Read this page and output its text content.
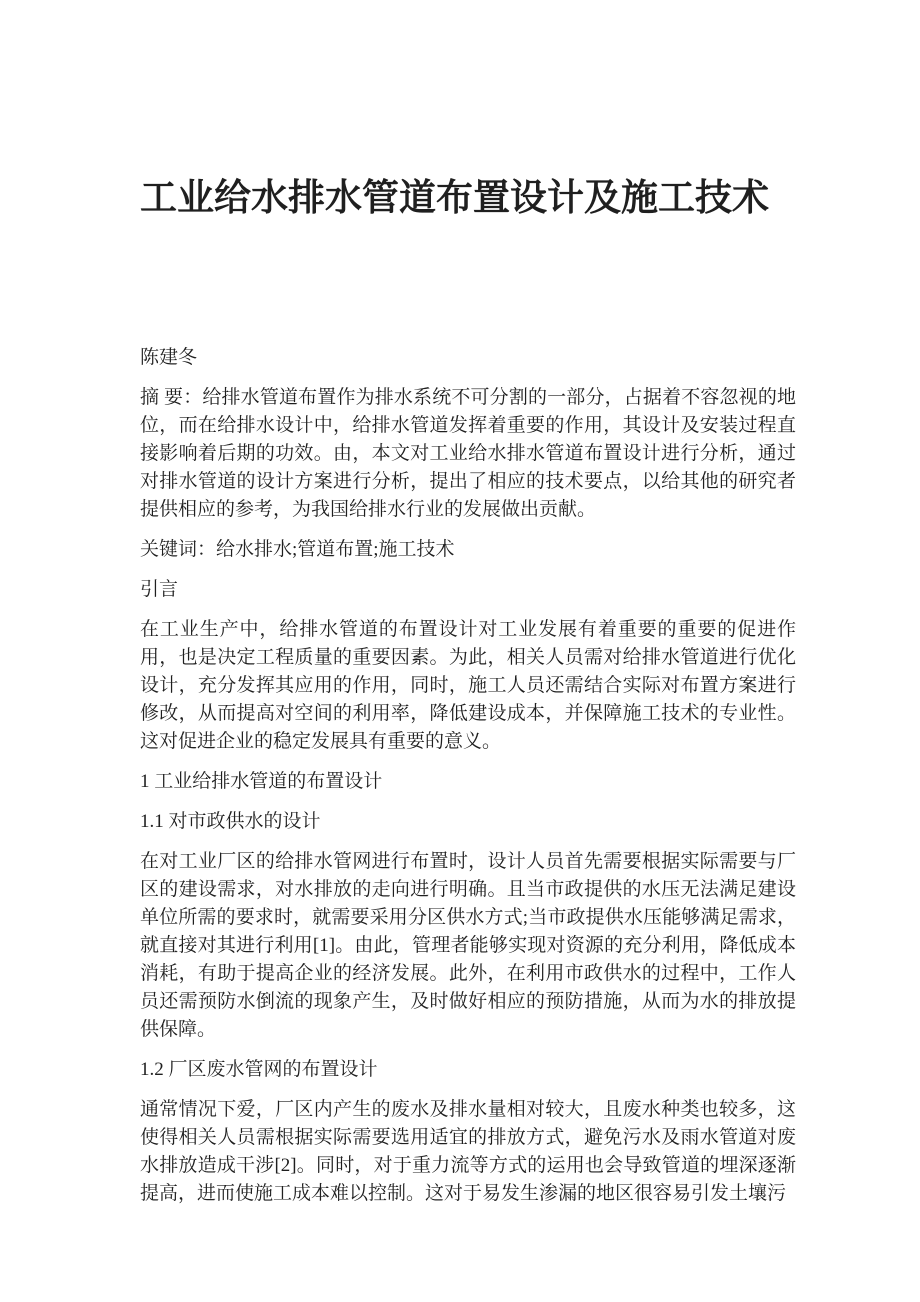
工业给水排水管道布置设计及施工技术

陈建冬

摘 要：给排水管道布置作为排水系统不可分割的一部分，占据着不容忽视的地位，而在给排水设计中，给排水管道发挥着重要的作用，其设计及安装过程直接影响着后期的功效。由，本文对工业给水排水管道布置设计进行分析，通过对排水管道的设计方案进行分析，提出了相应的技术要点，以给其他的研究者提供相应的参考，为我国给排水行业的发展做出贡献。

关键词：给水排水;管道布置;施工技术

引言

在工业生产中，给排水管道的布置设计对工业发展有着重要的重要的促进作用，也是决定工程质量的重要因素。为此，相关人员需对给排水管道进行优化设计，充分发挥其应用的作用，同时，施工人员还需结合实际对布置方案进行修改，从而提高对空间的利用率，降低建设成本，并保障施工技术的专业性。这对促进企业的稳定发展具有重要的意义。

1 工业给排水管道的布置设计

1.1 对市政供水的设计

在对工业厂区的给排水管网进行布置时，设计人员首先需要根据实际需要与厂区的建设需求，对水排放的走向进行明确。且当市政提供的水压无法满足建设单位所需的要求时，就需要采用分区供水方式;当市政提供水压能够满足需求，就直接对其进行利用[1]。由此，管理者能够实现对资源的充分利用，降低成本消耗，有助于提高企业的经济发展。此外，在利用市政供水的过程中，工作人员还需预防水倒流的现象产生，及时做好相应的预防措施，从而为水的排放提供保障。

1.2 厂区废水管网的布置设计

通常情况下爱，厂区内产生的废水及排水量相对较大，且废水种类也较多，这使得相关人员需根据实际需要选用适宜的排放方式，避免污水及雨水管道对废水排放造成干涉[2]。同时，对于重力流等方式的运用也会导致管道的埋深逐渐提高，进而使施工成本难以控制。这对于易发生渗漏的地区很容易引发土壤污
